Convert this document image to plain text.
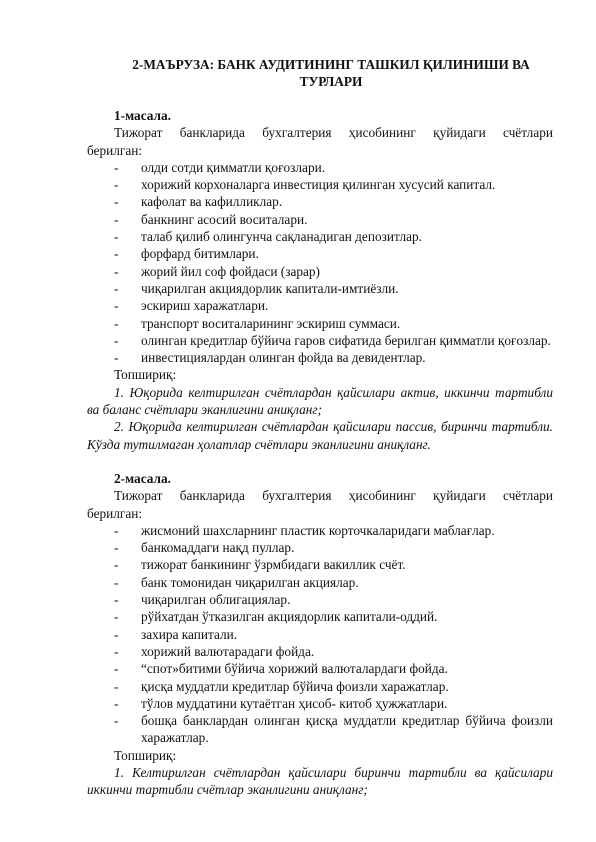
2-МАЪРУЗА: БАНК АУДИТИНИНГ ТАШКИЛ ҚИЛИНИШИ ВА
ТУРЛАРИ

1-масала.

Тижорат банкларида бухгалтерия ҳисобининг қуйидаги счётлари

берилган:

- олди сотди қимматли қоғозлари.
- хорижий корхоналарга инвестиция қилинган хусусий капитал.
- кафолат ва кафилликлар.
- банкнинг асосий воситалари.
- талаб қилиб олингунча сақланадиган депозитлар.
- форфард битимлари.
- жорий йил соф фойдаси (зарар)
- чиқарилган акциядорлик капитали-имтиёзли.
- эскириш харажатлари.
- транспорт воситаларининг эскириш суммаси.
- олинган кредитлар бўйича гаров сифатида берилган қимматли қоғозлар.
- инвестициялардан олинган фойда ва девидентлар.

Топшириқ:

1. Юқорида келтирилган счётлардан қайсилари актив, иккинчи тартибли ва баланс счётлари эканлигини аниқланг;

2. Юқорида келтирилган счётлардан қайсилари пассив, биринчи тартибли. Кўзда тутилмаган ҳолатлар счётлари эканлигини аниқланг.

2-масала.

Тижорат банкларида бухгалтерия ҳисобининг қуйидаги счётлари

берилган:

- жисмоний шахсларнинг пластик корточкаларидаги маблағлар.
- банкомаддаги нақд пуллар.
- тижорат банкининг ўзрмбидаги вакиллик счёт.
- банк томонидан чиқарилган акциялар.
- чиқарилган облигациялар.
- рўйхатдан ўтказилган акциядорлик капитали-оддий.
- захира капитали.
- хорижий валютарадаги фойда.
- “спот»битими бўйича хорижий валюталардаги фойда.
- қисқа муддатли кредитлар бўйича фоизли харажатлар.
- тўлов муддатини кутаётган ҳисоб- китоб ҳужжатлари.
- бошқа банклардан олинган қисқа муддатли кредитлар бўйича фоизли харажатлар.

Топшириқ:

1. Келтирилган счётлардан қайсилари биринчи тартибли ва қайсилари иккинчи тартибли счётлар эканлигини аниқланг;
